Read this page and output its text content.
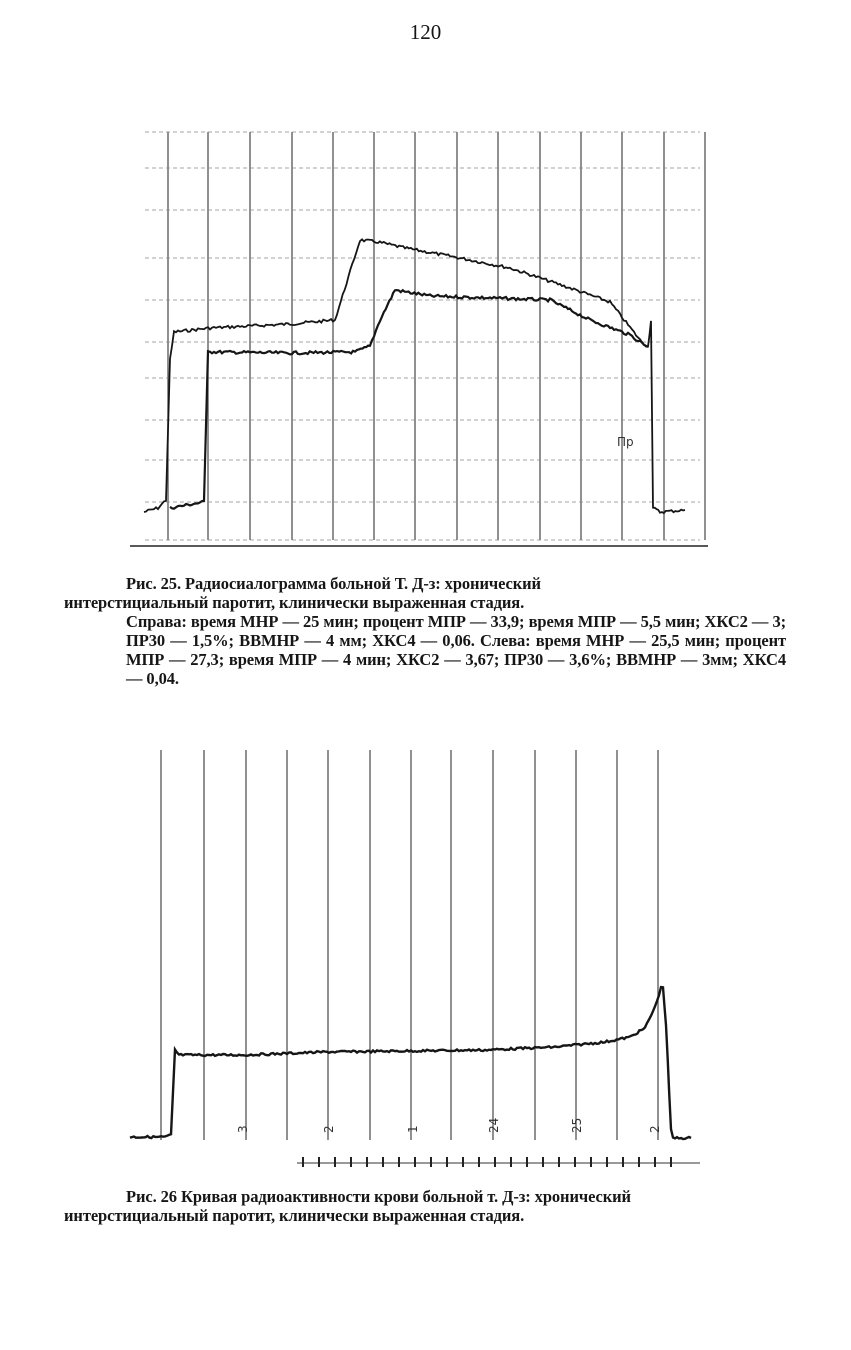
120
Пр

Рис. 25. Радиосиалограмма больной Т. Д-з: хронический

интерстициальный паротит, клинически выраженная стадия.

Справа: время МНР — 25 мин; процент МПР — 33,9; время МПР — 5,5 мин; ХКС2 — 3; ПР30 — 1,5%; ВВМНР — 4 мм; ХКС4 — 0,06. Слева: время МНР — 25,5 мин; процент МПР — 27,3; время МПР — 4 мин; ХКС2 — 3,67; ПР30 — 3,6%; ВВМНР — 3мм; ХКС4 — 0,04.

3	2	1	24	25	2

Рис. 26 Кривая радиоактивности крови больной т. Д-з: хронический

интерстициальный паротит, клинически выраженная стадия.
